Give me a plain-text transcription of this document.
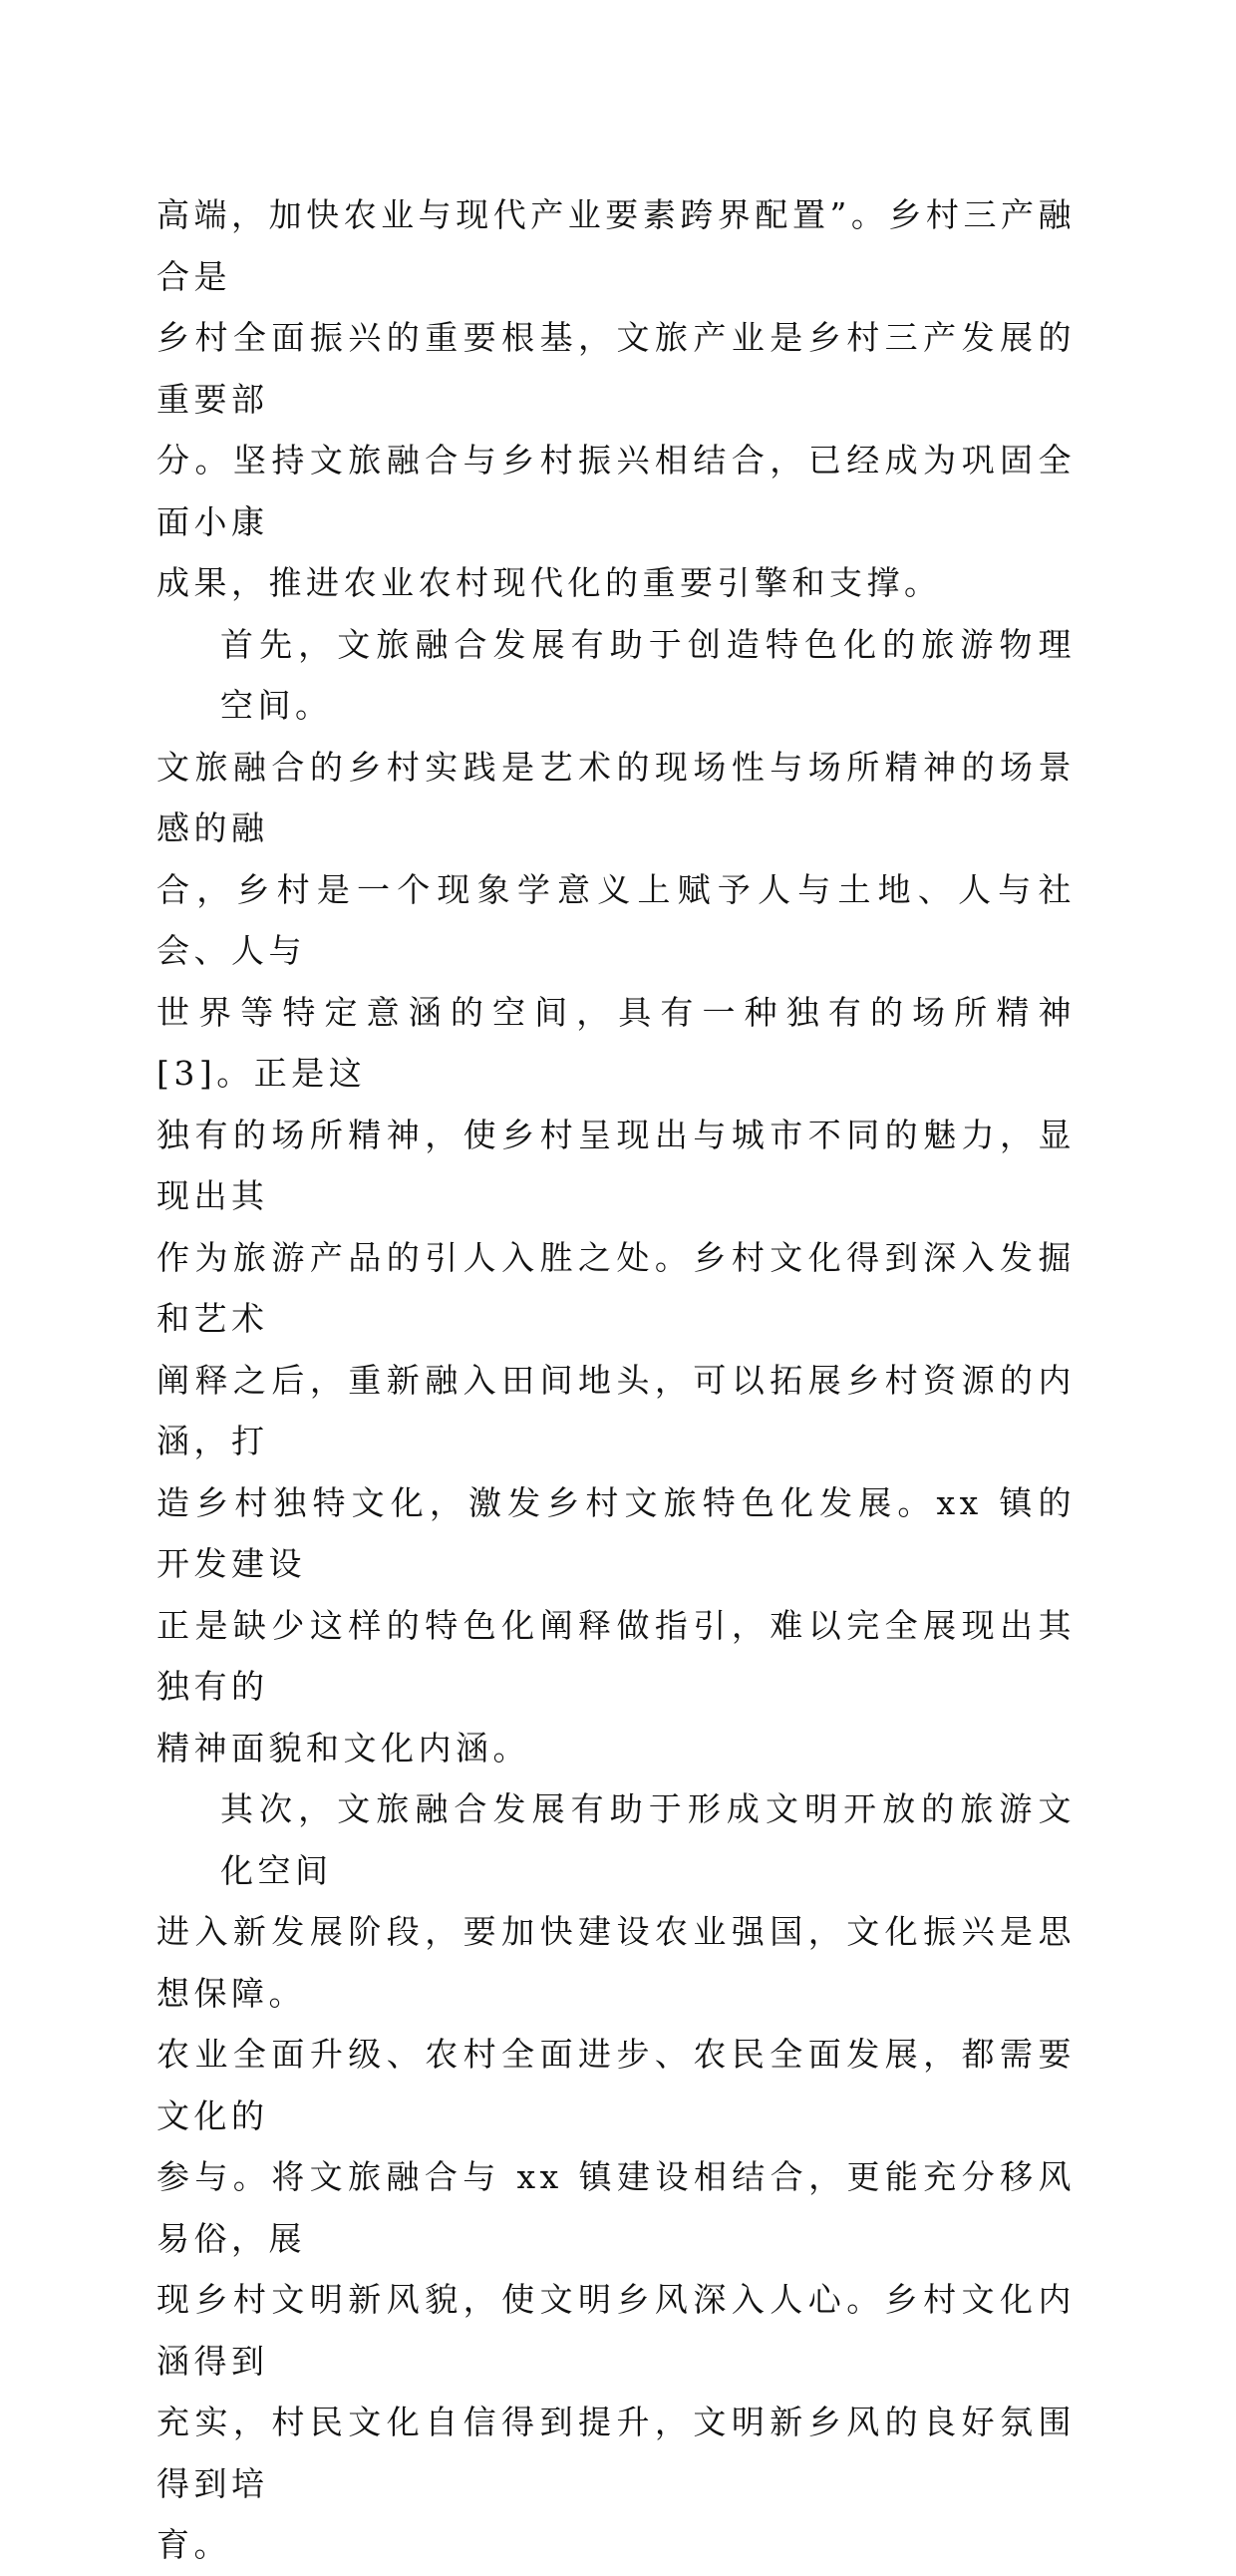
高端，加快农业与现代产业要素跨界配置”。乡村三产融合是
乡村全面振兴的重要根基，文旅产业是乡村三产发展的重要部
分。坚持文旅融合与乡村振兴相结合，已经成为巩固全面小康
成果，推进农业农村现代化的重要引擎和支撑。

首先，文旅融合发展有助于创造特色化的旅游物理空间。
文旅融合的乡村实践是艺术的现场性与场所精神的场景感的融
合，乡村是一个现象学意义上赋予人与土地、人与社会、人与
世界等特定意涵的空间，具有一种独有的场所精神[3]。正是这
独有的场所精神，使乡村呈现出与城市不同的魅力，显现出其
作为旅游产品的引人入胜之处。乡村文化得到深入发掘和艺术
阐释之后，重新融入田间地头，可以拓展乡村资源的内涵，打
造乡村独特文化，激发乡村文旅特色化发展。xx 镇的开发建设
正是缺少这样的特色化阐释做指引，难以完全展现出其独有的
精神面貌和文化内涵。

其次，文旅融合发展有助于形成文明开放的旅游文化空间
进入新发展阶段，要加快建设农业强国，文化振兴是思想保障。
农业全面升级、农村全面进步、农民全面发展，都需要文化的
参与。将文旅融合与 xx 镇建设相结合，更能充分移风易俗，展
现乡村文明新风貌，使文明乡风深入人心。乡村文化内涵得到
充实，村民文化自信得到提升，文明新乡风的良好氛围得到培
育。
